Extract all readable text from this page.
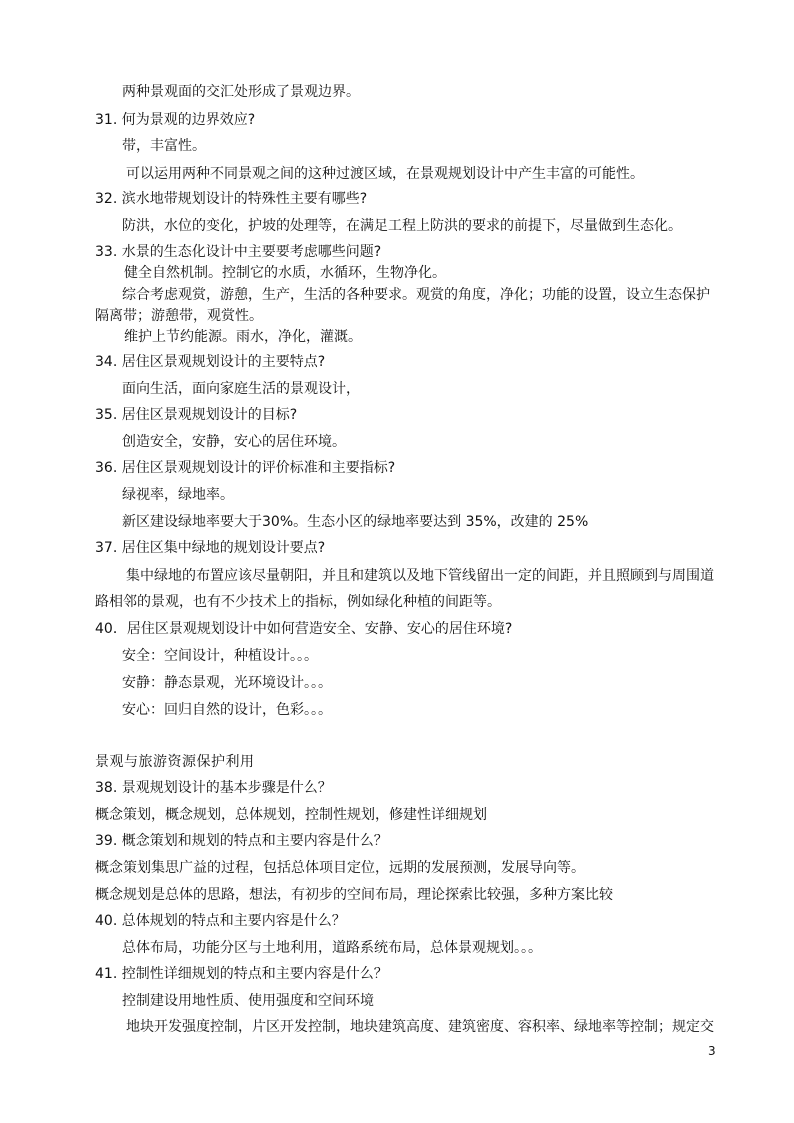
两种景观面的交汇处形成了景观边界。
31. 何为景观的边界效应?
带，丰富性。
可以运用两种不同景观之间的这种过渡区域，在景观规划设计中产生丰富的可能性。
32. 滨水地带规划设计的特殊性主要有哪些?
防洪，水位的变化，护坡的处理等，在满足工程上防洪的要求的前提下，尽量做到生态化。
33. 水景的生态化设计中主要要考虑哪些问题?
健全自然机制。控制它的水质，水循环，生物净化。
综合考虑观赏，游憩，生产，生活的各种要求。观赏的角度，净化；功能的设置，设立生态保护
隔离带；游憩带，观赏性。
维护上节约能源。雨水，净化，灌溉。
34. 居住区景观规划设计的主要特点?
面向生活，面向家庭生活的景观设计，
35. 居住区景观规划设计的目标?
创造安全，安静，安心的居住环境。
36. 居住区景观规划设计的评价标准和主要指标?
绿视率，绿地率。
新区建设绿地率要大于30%。生态小区的绿地率要达到 35%，改建的 25%
37. 居住区集中绿地的规划设计要点?
集中绿地的布置应该尽量朝阳，并且和建筑以及地下管线留出一定的间距，并且照顾到与周围道
路相邻的景观，也有不少技术上的指标，例如绿化种植的间距等。
40．居住区景观规划设计中如何营造安全、安静、安心的居住环境?
安全：空间设计，种植设计。。。
安静：静态景观，光环境设计。。。
安心：回归自然的设计，色彩。。。
景观与旅游资源保护利用
38. 景观规划设计的基本步骤是什么？
概念策划，概念规划，总体规划，控制性规划，修建性详细规划
39. 概念策划和规划的特点和主要内容是什么？
概念策划集思广益的过程，包括总体项目定位，远期的发展预测，发展导向等。
概念规划是总体的思路，想法，有初步的空间布局，理论探索比较强，多种方案比较
40. 总体规划的特点和主要内容是什么？
总体布局，功能分区与土地利用，道路系统布局，总体景观规划。。。
41. 控制性详细规划的特点和主要内容是什么？
控制建设用地性质、使用强度和空间环境
地块开发强度控制，片区开发控制，地块建筑高度、建筑密度、容积率、绿地率等控制；规定交
3
